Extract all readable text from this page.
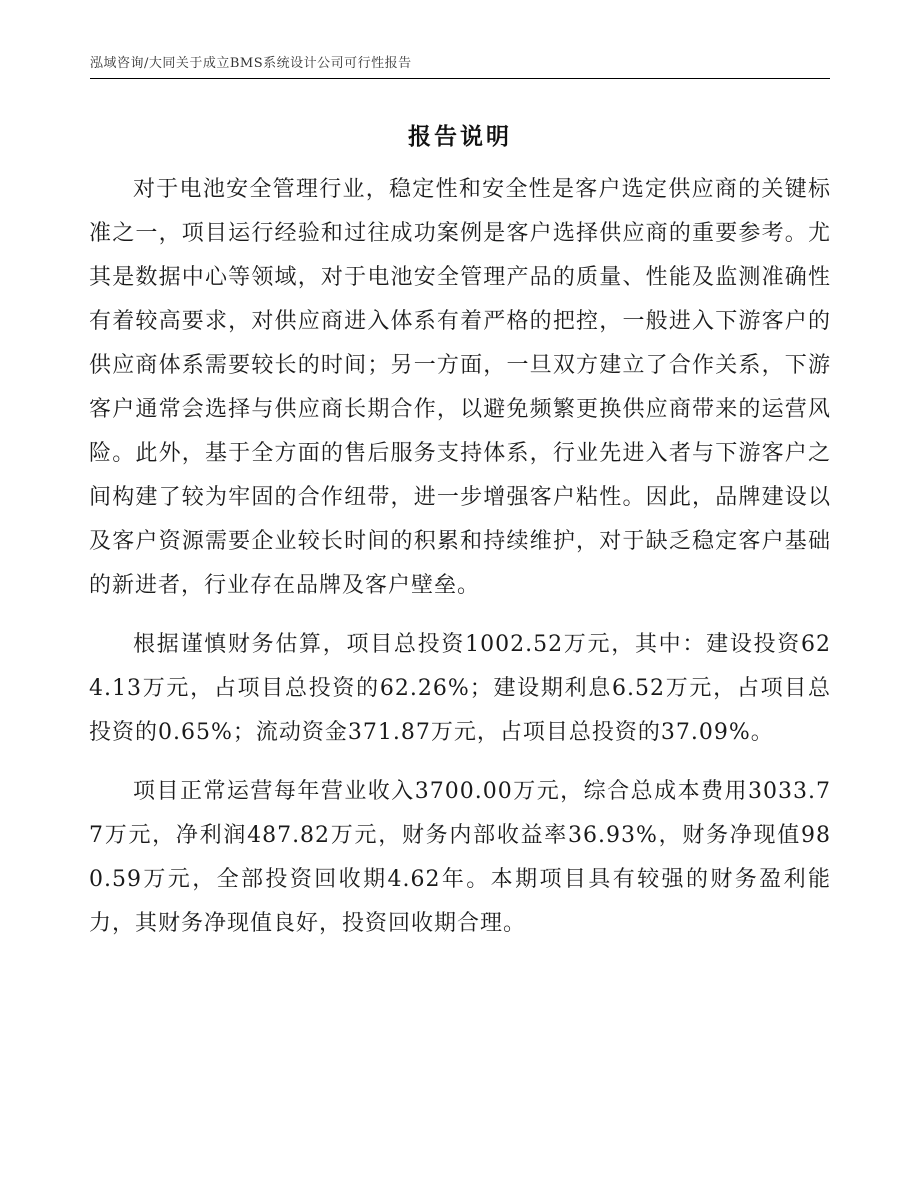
泓域咨询/大同关于成立BMS系统设计公司可行性报告
报告说明

对于电池安全管理行业，稳定性和安全性是客户选定供应商的关键标准之一，项目运行经验和过往成功案例是客户选择供应商的重要参考。尤其是数据中心等领域，对于电池安全管理产品的质量、性能及监测准确性有着较高要求，对供应商进入体系有着严格的把控，一般进入下游客户的供应商体系需要较长的时间；另一方面，一旦双方建立了合作关系，下游客户通常会选择与供应商长期合作，以避免频繁更换供应商带来的运营风险。此外，基于全方面的售后服务支持体系，行业先进入者与下游客户之间构建了较为牢固的合作纽带，进一步增强客户粘性。因此，品牌建设以及客户资源需要企业较长时间的积累和持续维护，对于缺乏稳定客户基础的新进者，行业存在品牌及客户壁垒。

根据谨慎财务估算，项目总投资1002.52万元，其中：建设投资624.13万元，占项目总投资的62.26%；建设期利息6.52万元，占项目总投资的0.65%；流动资金371.87万元，占项目总投资的37.09%。

项目正常运营每年营业收入3700.00万元，综合总成本费用3033.77万元，净利润487.82万元，财务内部收益率36.93%，财务净现值980.59万元，全部投资回收期4.62年。本期项目具有较强的财务盈利能力，其财务净现值良好，投资回收期合理。
